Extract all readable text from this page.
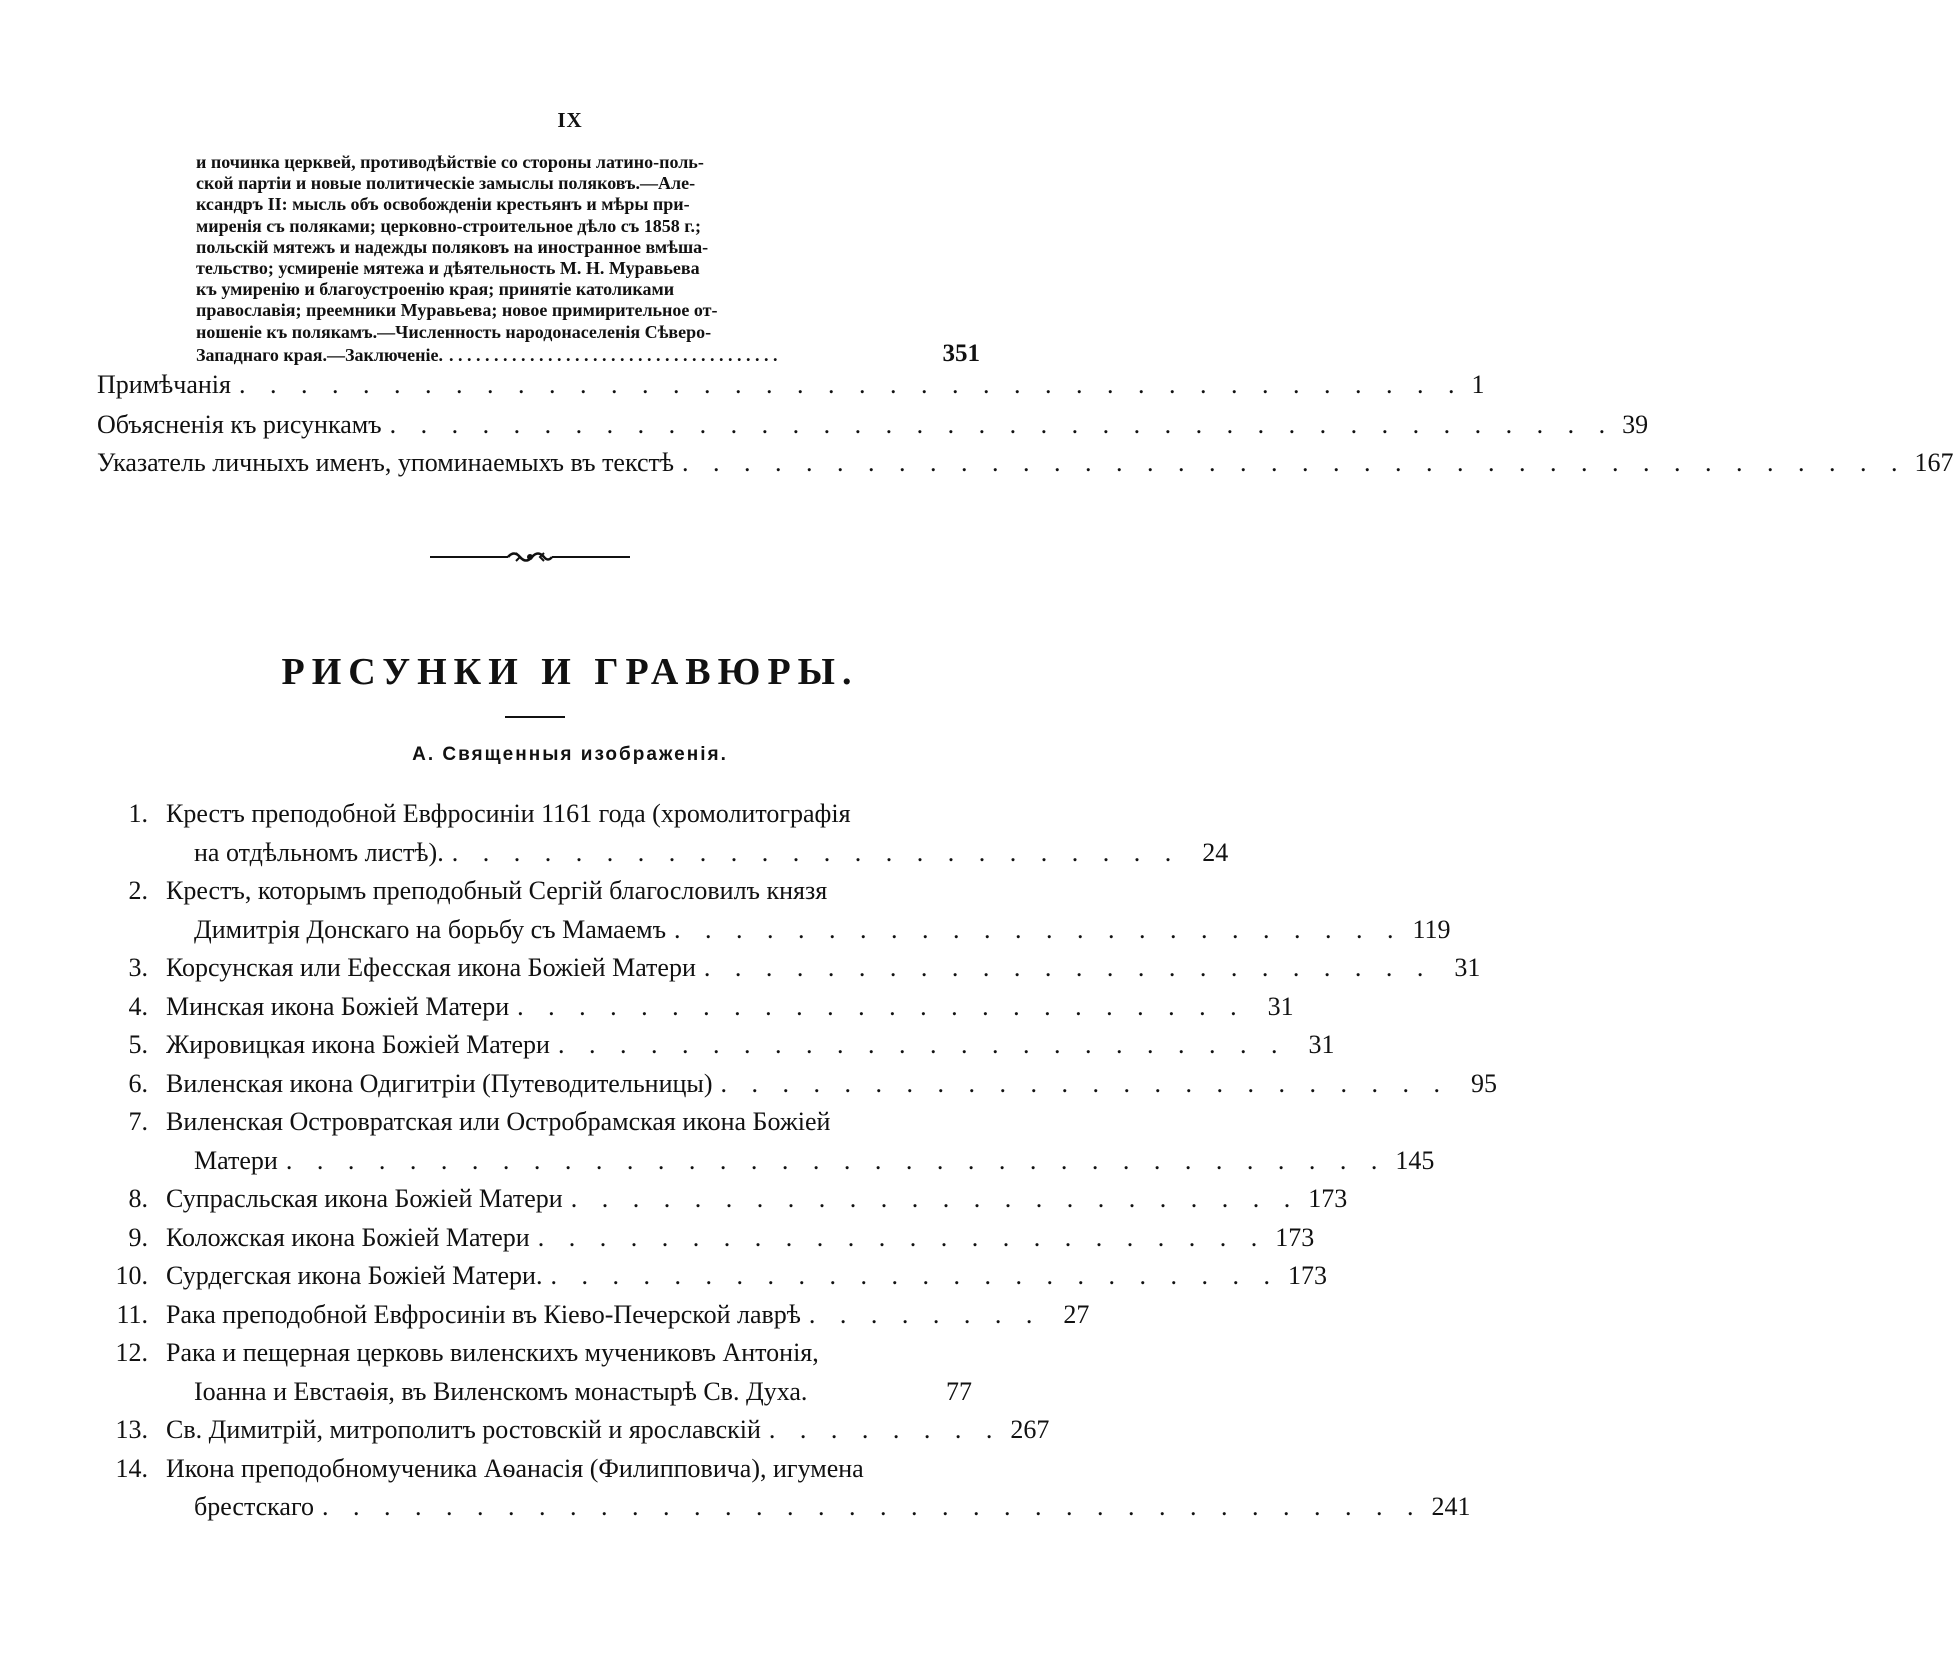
IX
и починка церквей, противодѣйствіе со стороны латино-поль-
ской партіи и новые политическіе замыслы поляковъ.—Але-
ксандръ II: мысль объ освобожденіи крестьянъ и мѣры при-
миренія съ поляками; церковно-строительное дѣло съ 1858 г.;
польскій мятежъ и надежды поляковъ на иностранное вмѣша-
тельство; усмиреніе мятежа и дѣятельность М. Н. Муравьева
къ умиренію и благоустроенію края; принятіе католиками
православія; преемники Муравьева; новое примирительное от-
ношеніе къ полякамъ.—Численность народонаселенія Сѣверо-
Западнаго края.—Заключеніе. . . . . . . . . . . . . . . . . . . . . . . . . . . . . . . . . . . . . .	351
Примѣчанія . . . . . . . . . . . . . . . . . . . . . . . . . . . . . . . . . . . . . . . . 1
Объясненія къ рисункамъ . . . . . . . . . . . . . . . . . . . . . . . . . . . . . . . . . . . . . . . . 39
Указатель личныхъ именъ, упоминаемыхъ въ текстѣ . . . . . . . . . . . . . . . . . . . . . . . . . . . . . . . . . . . . . . . . 167
РИСУНКИ И ГРАВЮРЫ.
А. Священныя изображенія.
1. Крестъ преподобной Евфросиніи 1161 года (хромолитографія
на отдѣльномъ листѣ). . . . . . . . . . . . . . . . . . . . . . . . . 24
2. Крестъ, которымъ преподобный Сергій благословилъ князя
Димитрія Донскаго на борьбу съ Мамаемъ . . . . . . . . . . . . . . . . . . . . . . . . 119
3. Корсунская или Ефесская икона Божіей Матери . . . . . . . . . . . . . . . . . . . . . . . . 31
4. Минская икона Божіей Матери . . . . . . . . . . . . . . . . . . . . . . . . 31
5. Жировицкая икона Божіей Матери . . . . . . . . . . . . . . . . . . . . . . . . 31
6. Виленская икона Одигитріи (Путеводительницы) . . . . . . . . . . . . . . . . . . . . . . . . 95
7. Виленская Островратская или Остробрамская икона Божіей
Матери . . . . . . . . . . . . . . . . . . . . . . . . . . . . . . . . . . . . 145
8. Супрасльская икона Божіей Матери . . . . . . . . . . . . . . . . . . . . . . . . 173
9. Коложская икона Божіей Матери . . . . . . . . . . . . . . . . . . . . . . . . 173
10. Сурдегская икона Божіей Матери. . . . . . . . . . . . . . . . . . . . . . . . . 173
11. Рака преподобной Евфросиніи въ Кіево-Печерской лаврѣ . . . . . . . . 27
12. Рака и пещерная церковь виленскихъ мучениковъ Антонія,
Іоанна и Евстаѳія, въ Виленскомъ монастырѣ Св. Духа.	77
13. Св. Димитрій, митрополитъ ростовскій и ярославскій . . . . . . . . 267
14. Икона преподобномученика Аѳанасія (Филипповича), игумена
брестскаго . . . . . . . . . . . . . . . . . . . . . . . . . . . . . . . . . . . . 241
